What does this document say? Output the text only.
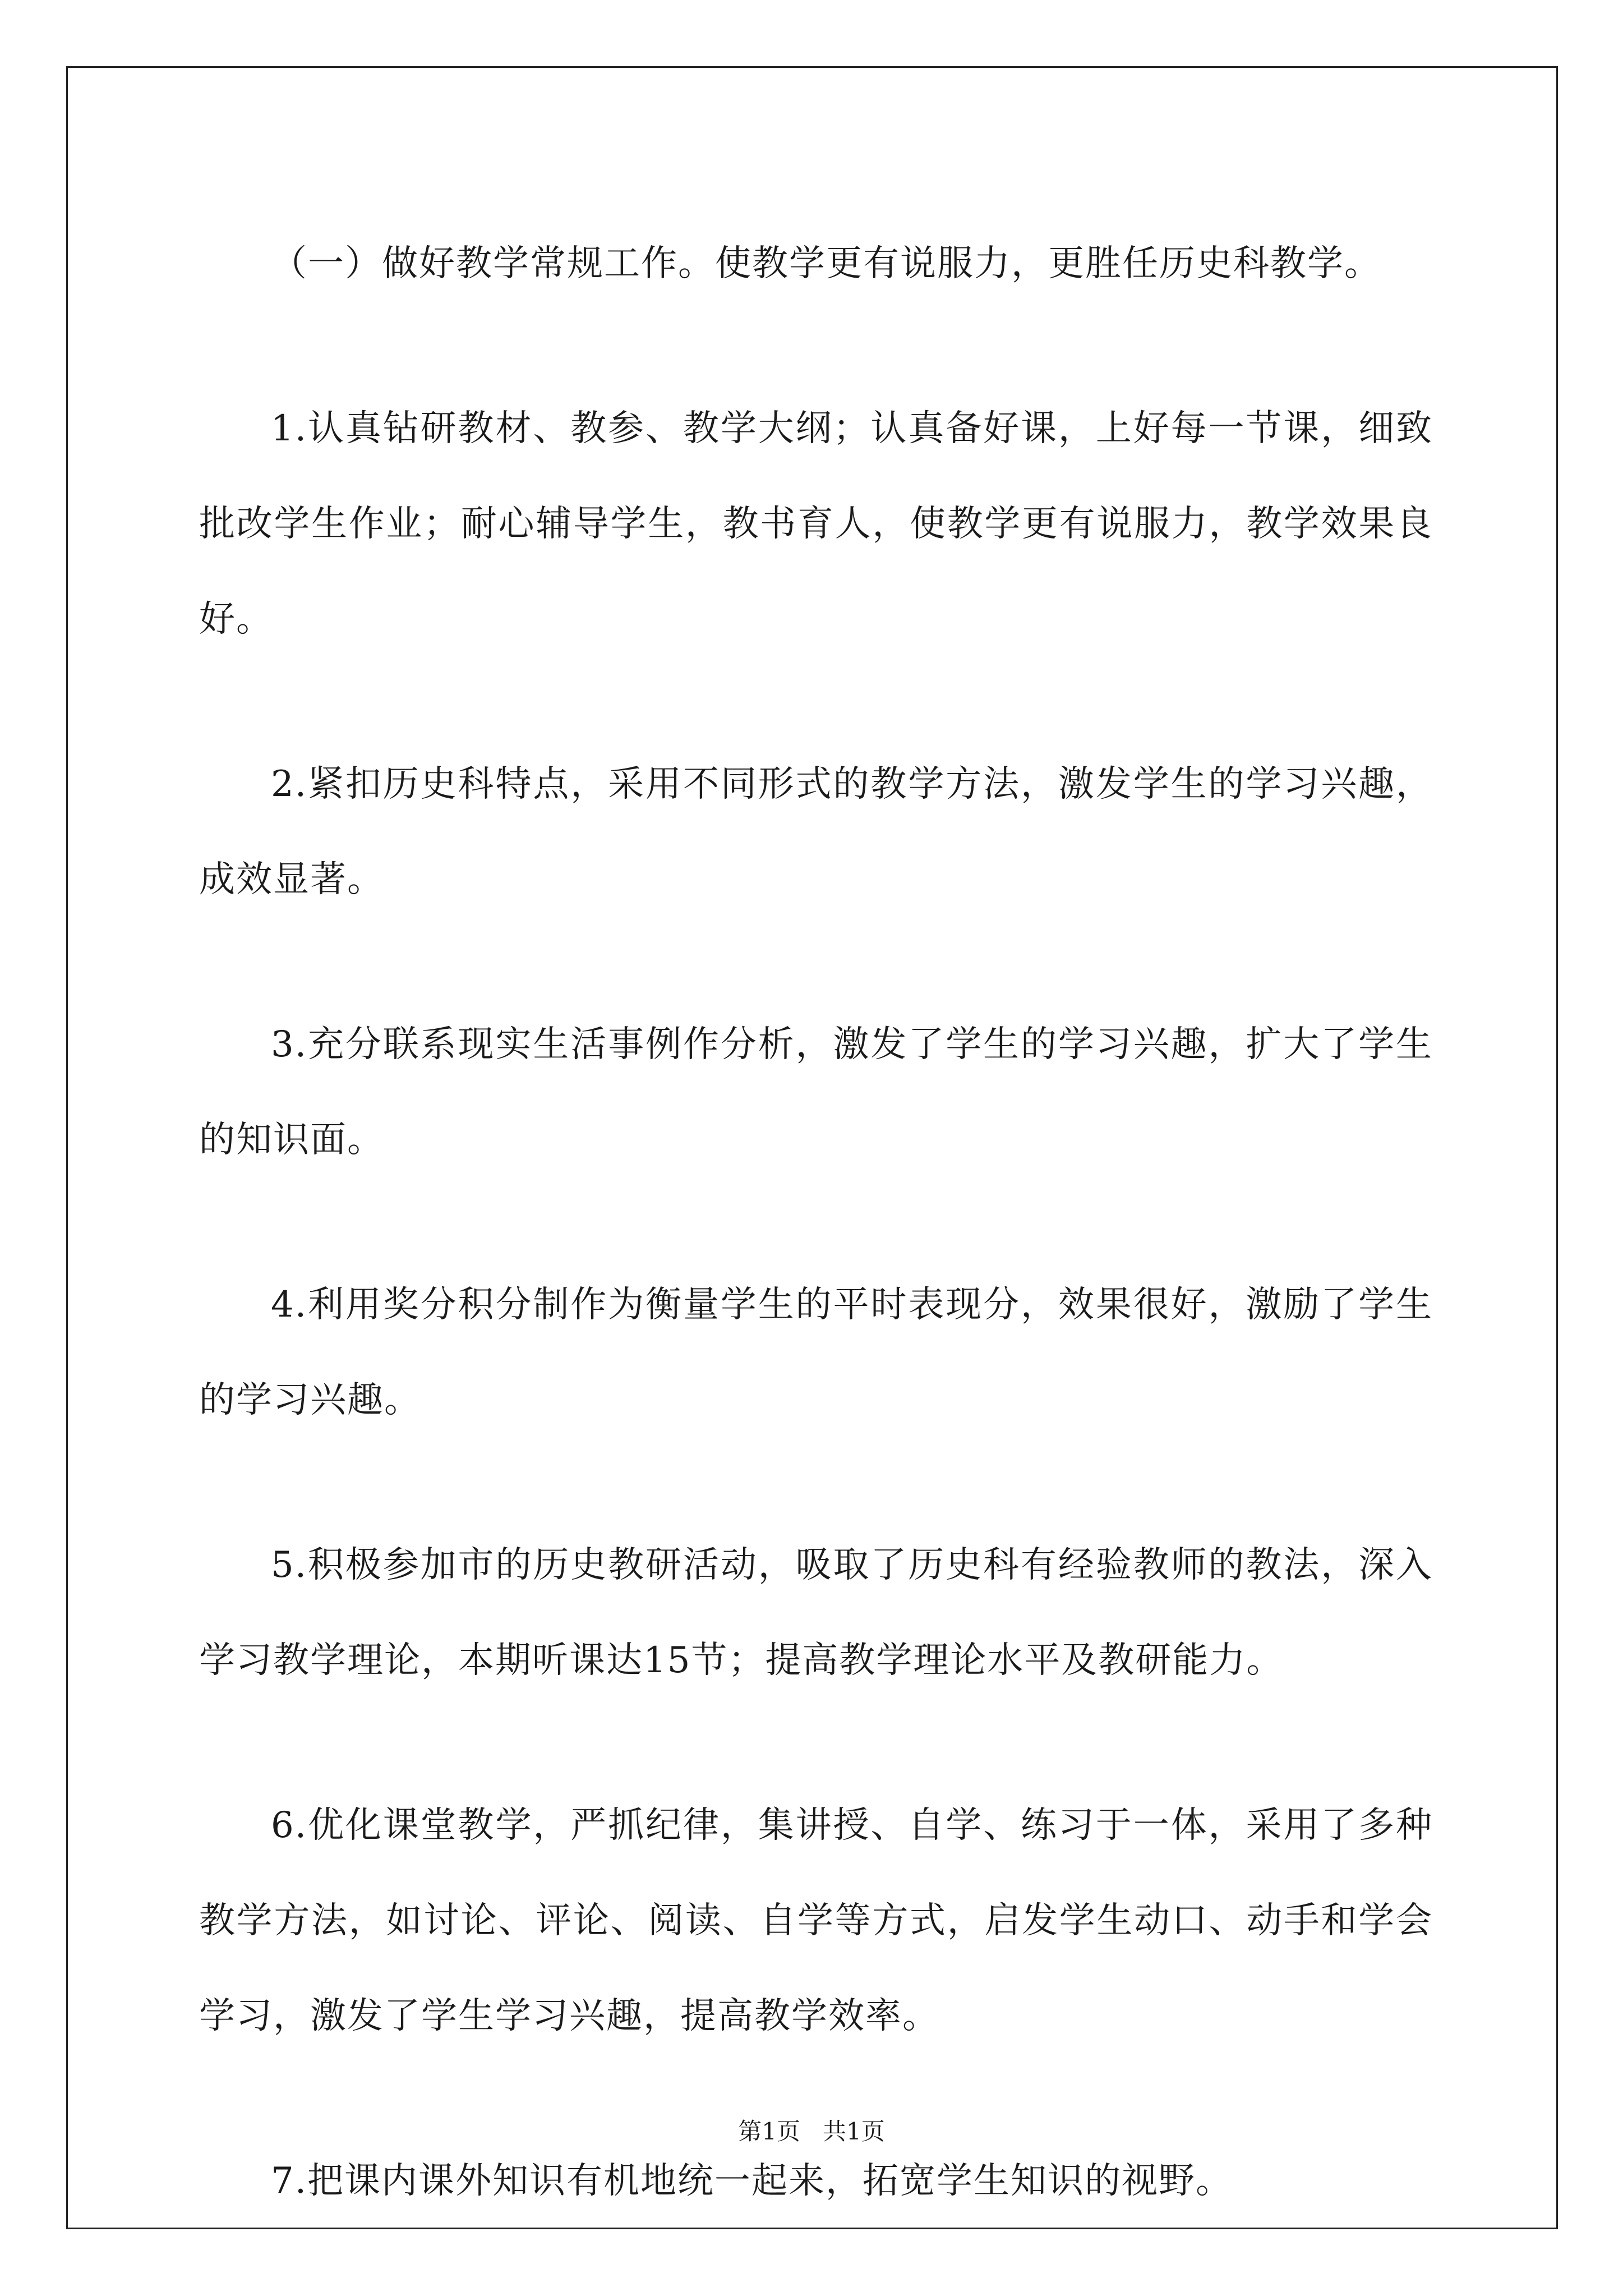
（一）做好教学常规工作。使教学更有说服力，更胜任历史科教学。

1.认真钻研教材、教参、教学大纲；认真备好课，上好每一节课，细致批改学生作业；耐心辅导学生，教书育人，使教学更有说服力，教学效果良好。

2.紧扣历史科特点，采用不同形式的教学方法，激发学生的学习兴趣，成效显著。

3.充分联系现实生活事例作分析，激发了学生的学习兴趣，扩大了学生的知识面。

4.利用奖分积分制作为衡量学生的平时表现分，效果很好，激励了学生的学习兴趣。

5.积极参加市的历史教研活动，吸取了历史科有经验教师的教法，深入学习教学理论，本期听课达15节；提高教学理论水平及教研能力。

6.优化课堂教学，严抓纪律，集讲授、自学、练习于一体，采用了多种教学方法，如讨论、评论、阅读、自学等方式，启发学生动口、动手和学会学习，激发了学生学习兴趣，提高教学效率。

7.把课内课外知识有机地统一起来，拓宽学生知识的视野。

第1页 共1页
